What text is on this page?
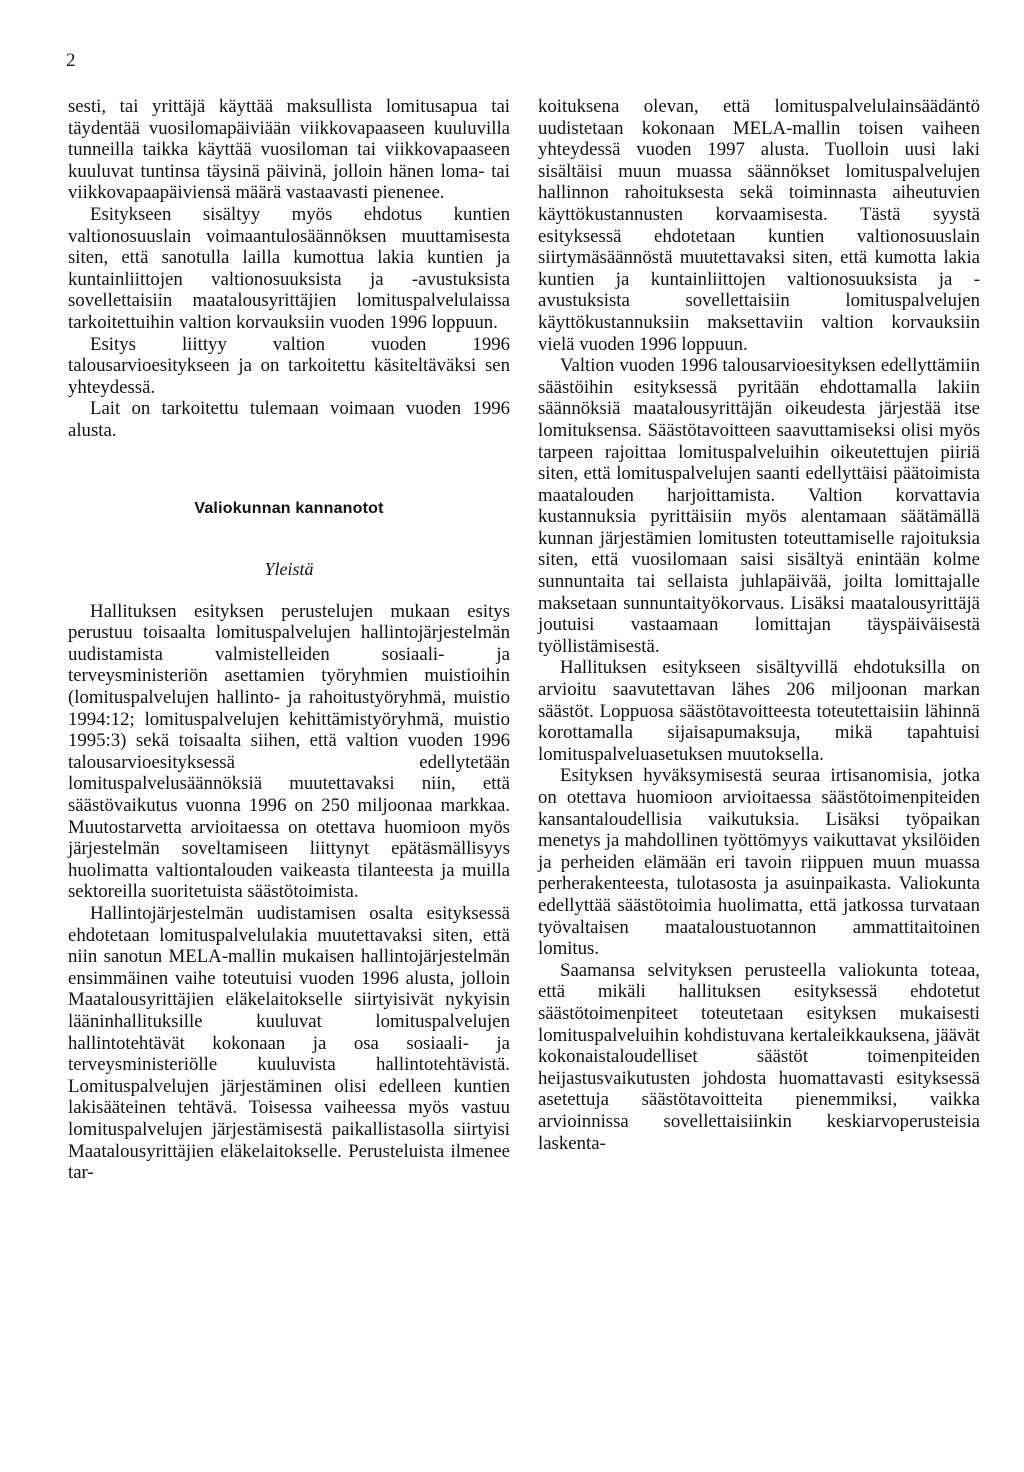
2

sesti, tai yrittäjä käyttää maksullista lomitusapua tai täydentää vuosilomapäiviään viikkovapaaseen kuuluvilla tunneilla taikka käyttää vuosiloman tai viikkovapaaseen kuuluvat tuntinsa täysinä päivinä, jolloin hänen loma- tai viikkovapaapäiviensä määrä vastaavasti pienenee.

Esitykseen sisältyy myös ehdotus kuntien valtionosuuslain voimaantulosäännöksen muuttamisesta siten, että sanotulla lailla kumottua lakia kuntien ja kuntainliittojen valtionosuuksista ja -avustuksista sovellettaisiin maatalousyrittäjien lomituspalvelulaissa tarkoitettuihin valtion korvauksiin vuoden 1996 loppuun.

Esitys liittyy valtion vuoden 1996 talousarvioesitykseen ja on tarkoitettu käsiteltäväksi sen yhteydessä.

Lait on tarkoitettu tulemaan voimaan vuoden 1996 alusta.

Valiokunnan kannanotot
Yleistä

Hallituksen esityksen perustelujen mukaan esitys perustuu toisaalta lomituspalvelujen hallintojärjestelmän uudistamista valmistelleiden sosiaali- ja terveysministeriön asettamien työryhmien muistioihin (lomituspalvelujen hallinto- ja rahoitustyöryhmä, muistio 1994:12; lomituspalvelujen kehittämistyöryhmä, muistio 1995:3) sekä toisaalta siihen, että valtion vuoden 1996 talousarvioesityksessä edellytetään lomituspalvelusäännöksiä muutettavaksi niin, että säästövaikutus vuonna 1996 on 250 miljoonaa markkaa. Muutostarvetta arvioitaessa on otettava huomioon myös järjestelmän soveltamiseen liittynyt epätäsmällisyys huolimatta valtiontalouden vaikeasta tilanteesta ja muilla sektoreilla suoritetuista säästötoimista.

Hallintojärjestelmän uudistamisen osalta esityksessä ehdotetaan lomituspalvelulakia muutettavaksi siten, että niin sanotun MELA-mallin mukaisen hallintojärjestelmän ensimmäinen vaihe toteutuisi vuoden 1996 alusta, jolloin Maatalousyrittäjien eläkelaitokselle siirtyisivät nykyisin lääninhallituksille kuuluvat lomituspalvelujen hallintotehtävät kokonaan ja osa sosiaali- ja terveysministeriölle kuuluvista hallintotehtävistä. Lomituspalvelujen järjestäminen olisi edelleen kuntien lakisääteinen tehtävä. Toisessa vaiheessa myös vastuu lomituspalvelujen järjestämisestä paikallistasolla siirtyisi Maatalousyrittäjien eläkelaitokselle. Perusteluista ilmenee tar-

koituksena olevan, että lomituspalvelulainsäädäntö uudistetaan kokonaan MELA-mallin toisen vaiheen yhteydessä vuoden 1997 alusta. Tuolloin uusi laki sisältäisi muun muassa säännökset lomituspalvelujen hallinnon rahoituksesta sekä toiminnasta aiheutuvien käyttökustannusten korvaamisesta. Tästä syystä esityksessä ehdotetaan kuntien valtionosuuslain siirtymäsäännöstä muutettavaksi siten, että kumotta lakia kuntien ja kuntainliittojen valtionosuuksista ja -avustuksista sovellettaisiin lomituspalvelujen käyttökustannuksiin maksettaviin valtion korvauksiin vielä vuoden 1996 loppuun.

Valtion vuoden 1996 talousarvioesityksen edellyttämiin säästöihin esityksessä pyritään ehdottamalla lakiin säännöksiä maatalousyrittäjän oikeudesta järjestää itse lomituksensa. Säästötavoitteen saavuttamiseksi olisi myös tarpeen rajoittaa lomituspalveluihin oikeutettujen piiriä siten, että lomituspalvelujen saanti edellyttäisi päätoimista maatalouden harjoittamista. Valtion korvattavia kustannuksia pyrittäisiin myös alentamaan säätämällä kunnan järjestämien lomitusten toteuttamiselle rajoituksia siten, että vuosilomaan saisi sisältyä enintään kolme sunnuntaita tai sellaista juhlapäivää, joilta lomittajalle maksetaan sunnuntaityökorvaus. Lisäksi maatalousyrittäjä joutuisi vastaamaan lomittajan täyspäiväisestä työllistämisestä.

Hallituksen esitykseen sisältyvillä ehdotuksilla on arvioitu saavutettavan lähes 206 miljoonan markan säästöt. Loppuosa säästötavoitteesta toteutettaisiin lähinnä korottamalla sijaisapumaksuja, mikä tapahtuisi lomituspalveluasetuksen muutoksella.

Esityksen hyväksymisestä seuraa irtisanomisia, jotka on otettava huomioon arvioitaessa säästötoimenpiteiden kansantaloudellisia vaikutuksia. Lisäksi työpaikan menetys ja mahdollinen työttömyys vaikuttavat yksilöiden ja perheiden elämään eri tavoin riippuen muun muassa perherakenteesta, tulotasosta ja asuinpaikasta. Valiokunta edellyttää säästötoimia huolimatta, että jatkossa turvataan työvaltaisen maataloustuotannon ammattitaitoinen lomitus.

Saamansa selvityksen perusteella valiokunta toteaa, että mikäli hallituksen esityksessä ehdotetut säästötoimenpiteet toteutetaan esityksen mukaisesti lomituspalveluihin kohdistuvana kertaleikkauksena, jäävät kokonaistaloudelliset säästöt toimenpiteiden heijastusvaikutusten johdosta huomattavasti esityksessä asetettuja säästötavoitteita pienemmiksi, vaikka arvioinnissa sovellettaisiinkin keskiarvoperusteisia laskenta-
